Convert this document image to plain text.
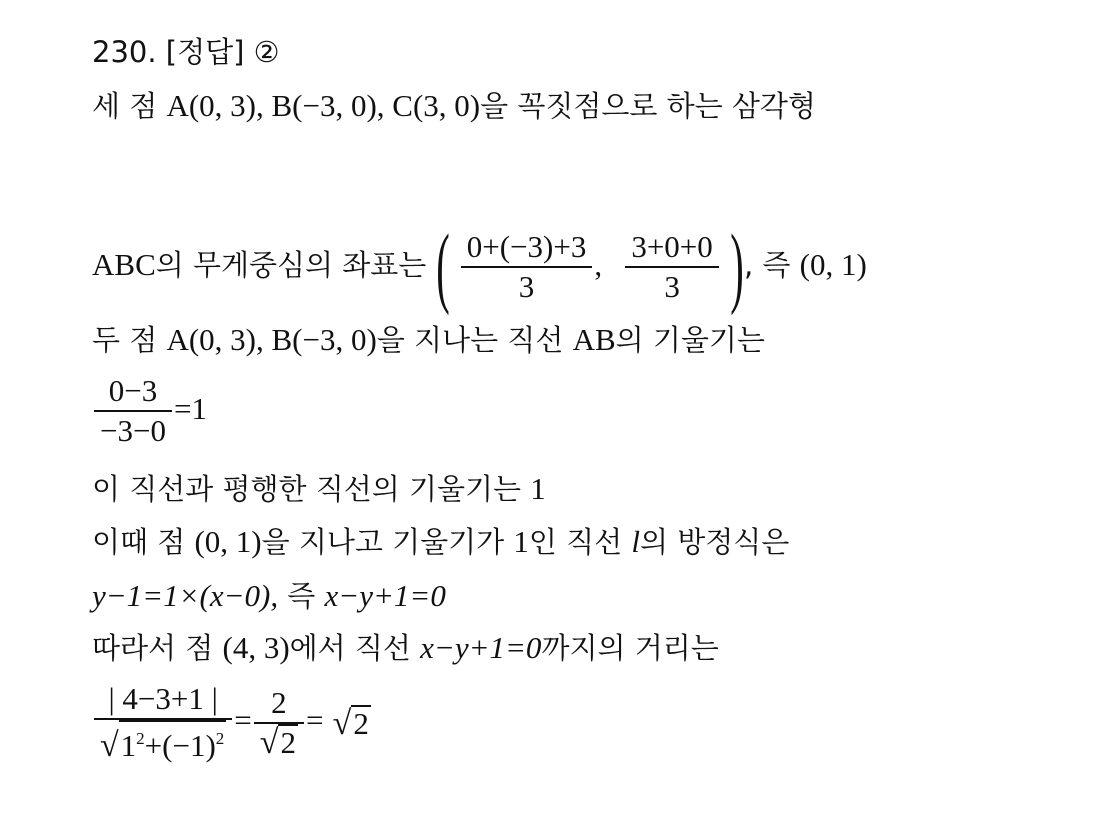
230. [정답] ②
세 점 A(0, 3), B(−3, 0), C(3, 0)을 꼭짓점으로 하는 삼각형
ABC의 무게중심의 좌표는 ( $\frac{0+(-3)+3}{3}$ , $\frac{3+0+0}{3}$ ), 즉 (0, 1)
두 점 A(0, 3), B(−3, 0)을 지나는 직선 AB의 기울기는
$\frac{0-3}{-3-0} =1$
이 직선과 평행한 직선의 기울기는 1
이때 점 (0, 1)을 지나고 기울기가 1인 직선 l의 방정식은
y−1=1×(x−0), 즉 x−y+1=0
따라서 점 (4, 3)에서 직선 x−y+1=0까지의 거리는
$\frac{| 4-3+1 |}{√ 1^2+(-1)^2} = \frac{2}{√ 2}$ = √ 2
